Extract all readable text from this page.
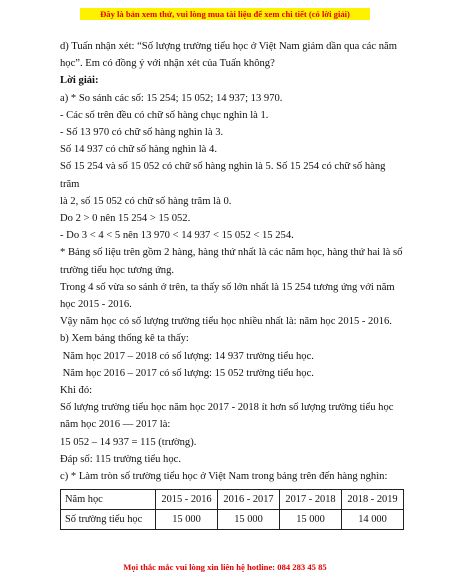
Đây là bản xem thử, vui lòng mua tài liệu để xem chi tiết (có lời giải)

d) Tuấn nhận xét: “Số lượng trường tiểu học ở Việt Nam giảm dần qua các năm

học”. Em có đồng ý với nhận xét của Tuấn không?

Lời giải:

a) * So sánh các số: 15 254; 15 052; 14 937; 13 970.

- Các số trên đều có chữ số hàng chục nghìn là 1.

- Số 13 970 có chữ số hàng nghìn là 3.

Số 14 937 có chữ số hàng nghìn là 4.

Số 15 254 và số 15 052 có chữ số hàng nghìn là 5. Số 15 254 có chữ số hàng trăm

là 2, số 15 052 có chữ số hàng trăm là 0.

Do 2 > 0 nên 15 254 > 15 052.

- Do 3 < 4 < 5 nên 13 970 < 14 937 < 15 052 < 15 254.

* Bảng số liệu trên gồm 2 hàng, hàng thứ nhất là các năm học, hàng thứ hai là số

trường tiểu học tương ứng.

Trong 4 số vừa so sánh ở trên, ta thấy số lớn nhất là 15 254 tương ứng với năm

học 2015 - 2016.

Vậy năm học có số lượng trường tiểu học nhiều nhất là: năm học 2015 - 2016.

b) Xem bảng thống kê ta thấy:

Năm học 2017 – 2018 có số lượng: 14 937 trường tiểu học.

Năm học 2016 – 2017 có số lượng: 15 052 trường tiểu học.

Khi đó:

Số lượng trường tiểu học năm học 2017 - 2018 ít hơn số lượng trường tiểu học

năm học 2016 — 2017 là:

15 052 – 14 937 = 115 (trường).

Đáp số: 115 trường tiểu học.

c) * Làm tròn số trường tiểu học ở Việt Nam trong bảng trên đến hàng nghìn:

Năm học	2015 - 2016	2016 - 2017	2017 - 2018	2018 - 2019
Số trường tiểu học	15 000	15 000	15 000	14 000
Mọi thắc mắc vui lòng xin liên hệ hotline: 084 283 45 85
